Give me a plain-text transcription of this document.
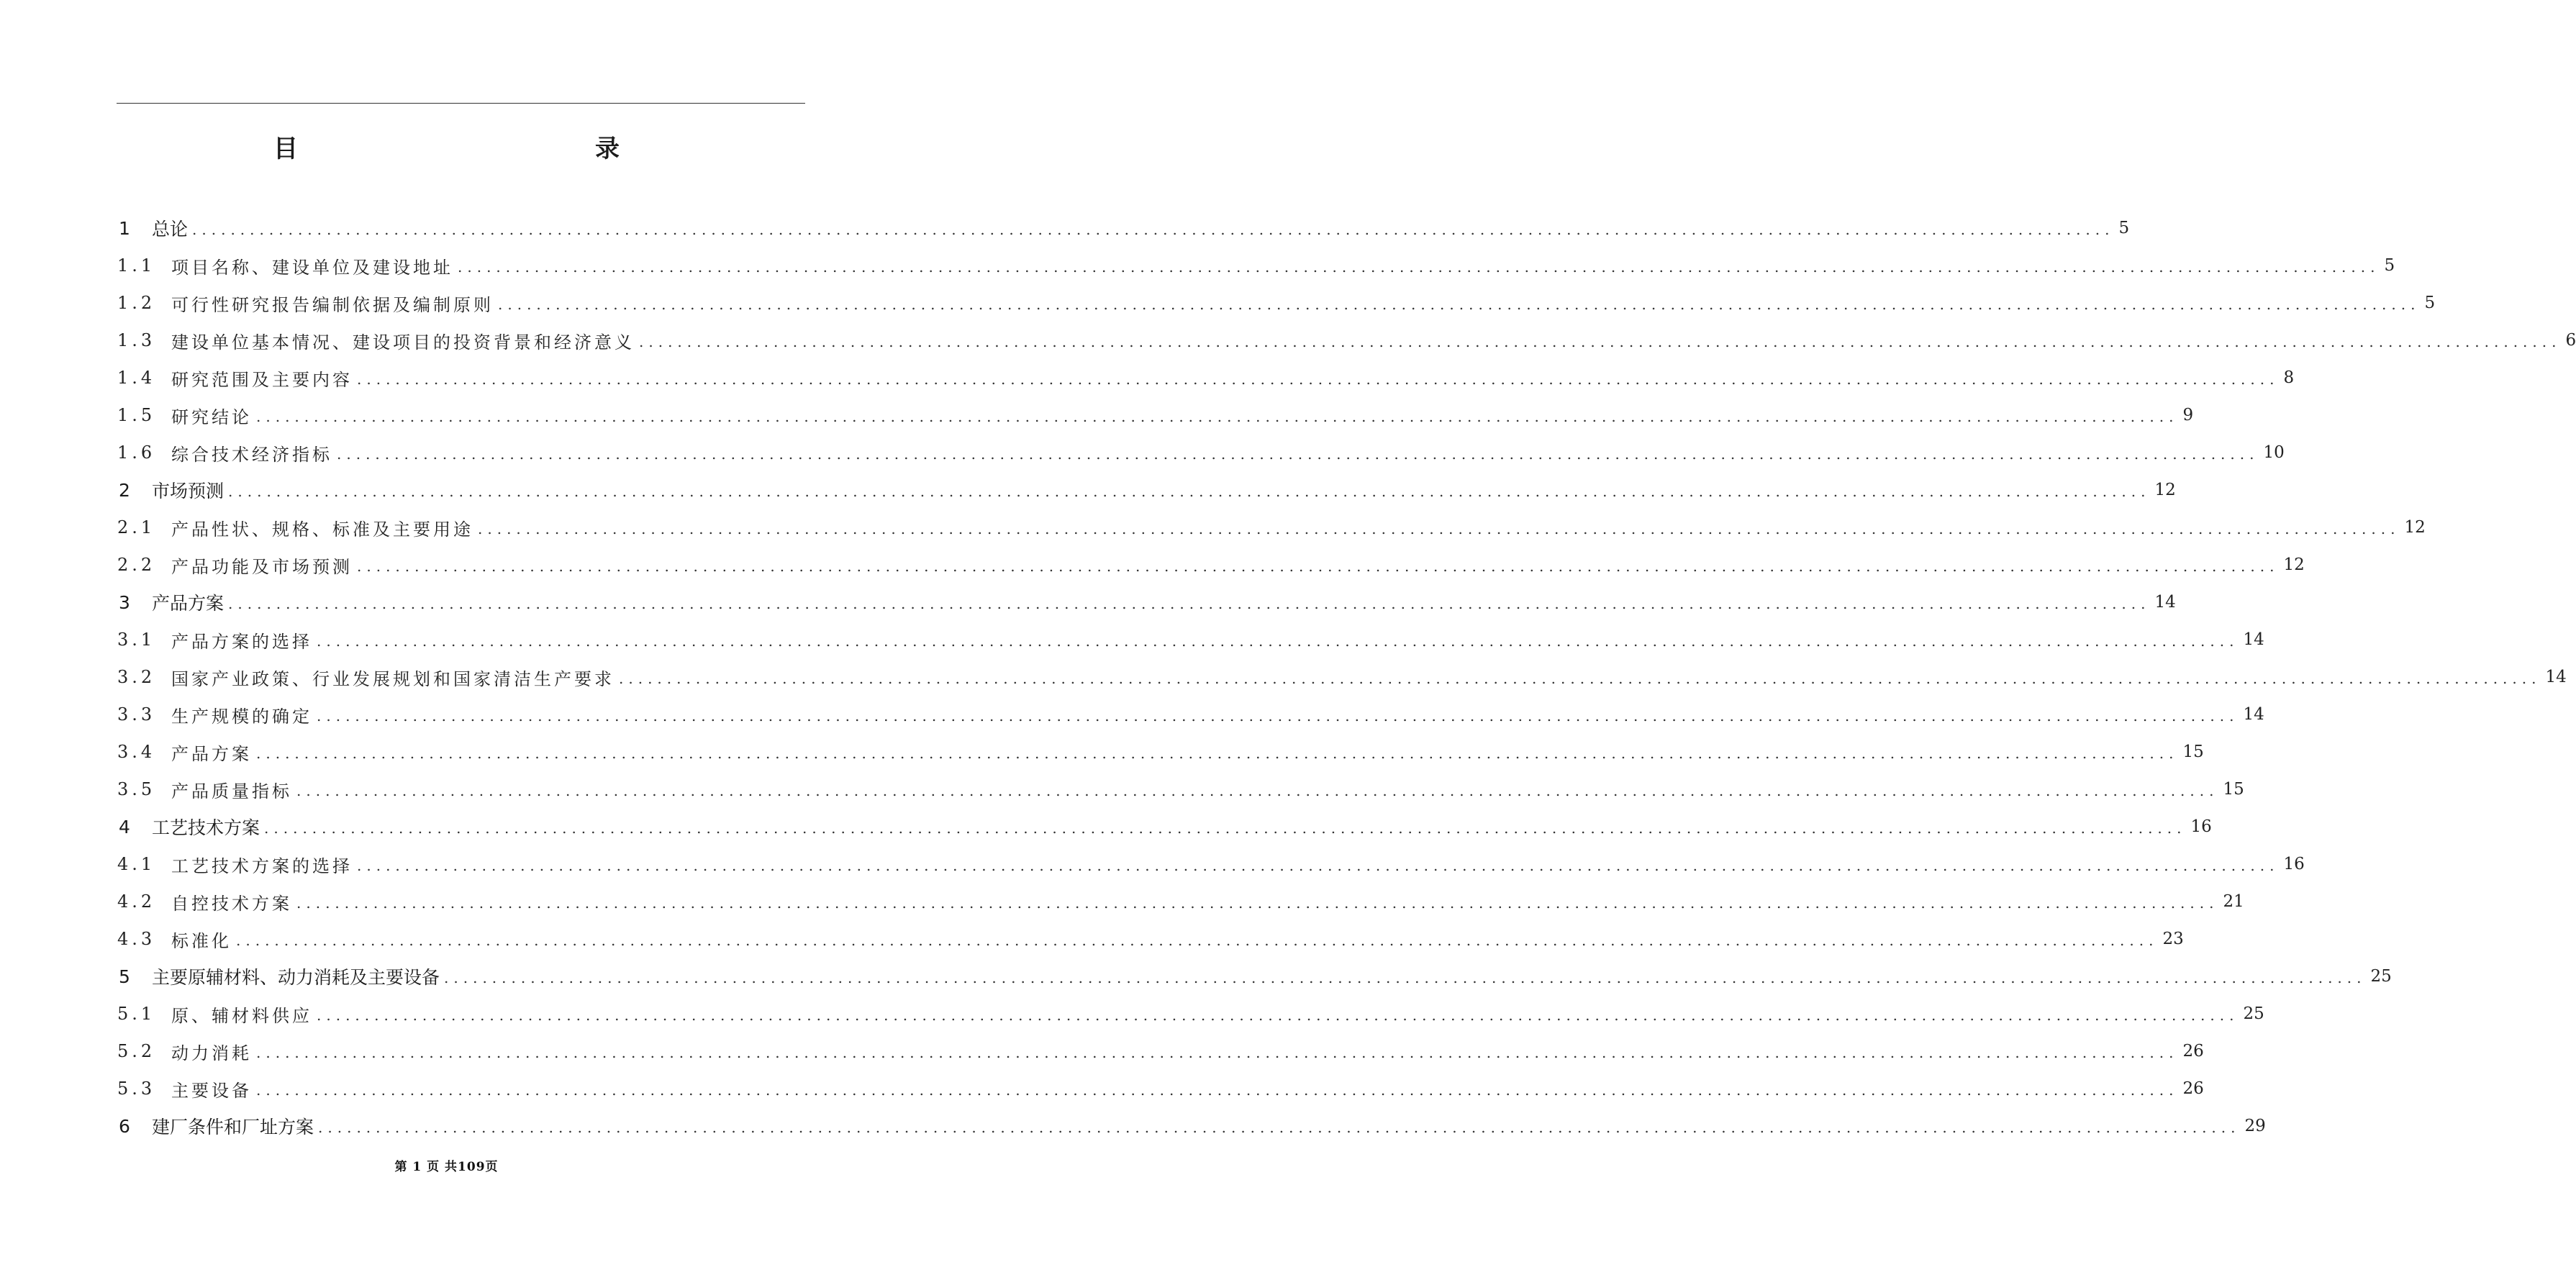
目　　录
1	总论 ........................................................................................................................................................................................................ 5
1.1 项目名称、建设单位及建设地址 ........................................................................................................................................................................................................ 5
1.2 可行性研究报告编制依据及编制原则 ........................................................................................................................................................................................................ 5
1.3 建设单位基本情况、建设项目的投资背景和经济意义 ........................................................................................................................................................................................................ 6
1.4 研究范围及主要内容 ........................................................................................................................................................................................................ 8
1.5 研究结论 ........................................................................................................................................................................................................ 9
1.6 综合技术经济指标 ........................................................................................................................................................................................................ 10
2	市场预测 ........................................................................................................................................................................................................ 12
2.1 产品性状、规格、标准及主要用途 ........................................................................................................................................................................................................ 12
2.2 产品功能及市场预测 ........................................................................................................................................................................................................ 12
3	产品方案 ........................................................................................................................................................................................................ 14
3.1 产品方案的选择 ........................................................................................................................................................................................................ 14
3.2 国家产业政策、行业发展规划和国家清洁生产要求 ........................................................................................................................................................................................................ 14
3.3 生产规模的确定 ........................................................................................................................................................................................................ 14
3.4 产品方案 ........................................................................................................................................................................................................ 15
3.5 产品质量指标 ........................................................................................................................................................................................................ 15
4	工艺技术方案 ........................................................................................................................................................................................................ 16
4.1 工艺技术方案的选择 ........................................................................................................................................................................................................ 16
4.2 自控技术方案 ........................................................................................................................................................................................................ 21
4.3 标准化 ........................................................................................................................................................................................................ 23
5	主要原辅材料、动力消耗及主要设备 ........................................................................................................................................................................................................ 25
5.1 原、辅材料供应 ........................................................................................................................................................................................................ 25
5.2 动力消耗 ........................................................................................................................................................................................................ 26
5.3 主要设备 ........................................................................................................................................................................................................ 26
6	建厂条件和厂址方案 ........................................................................................................................................................................................................ 29
第 1 页 共109页
